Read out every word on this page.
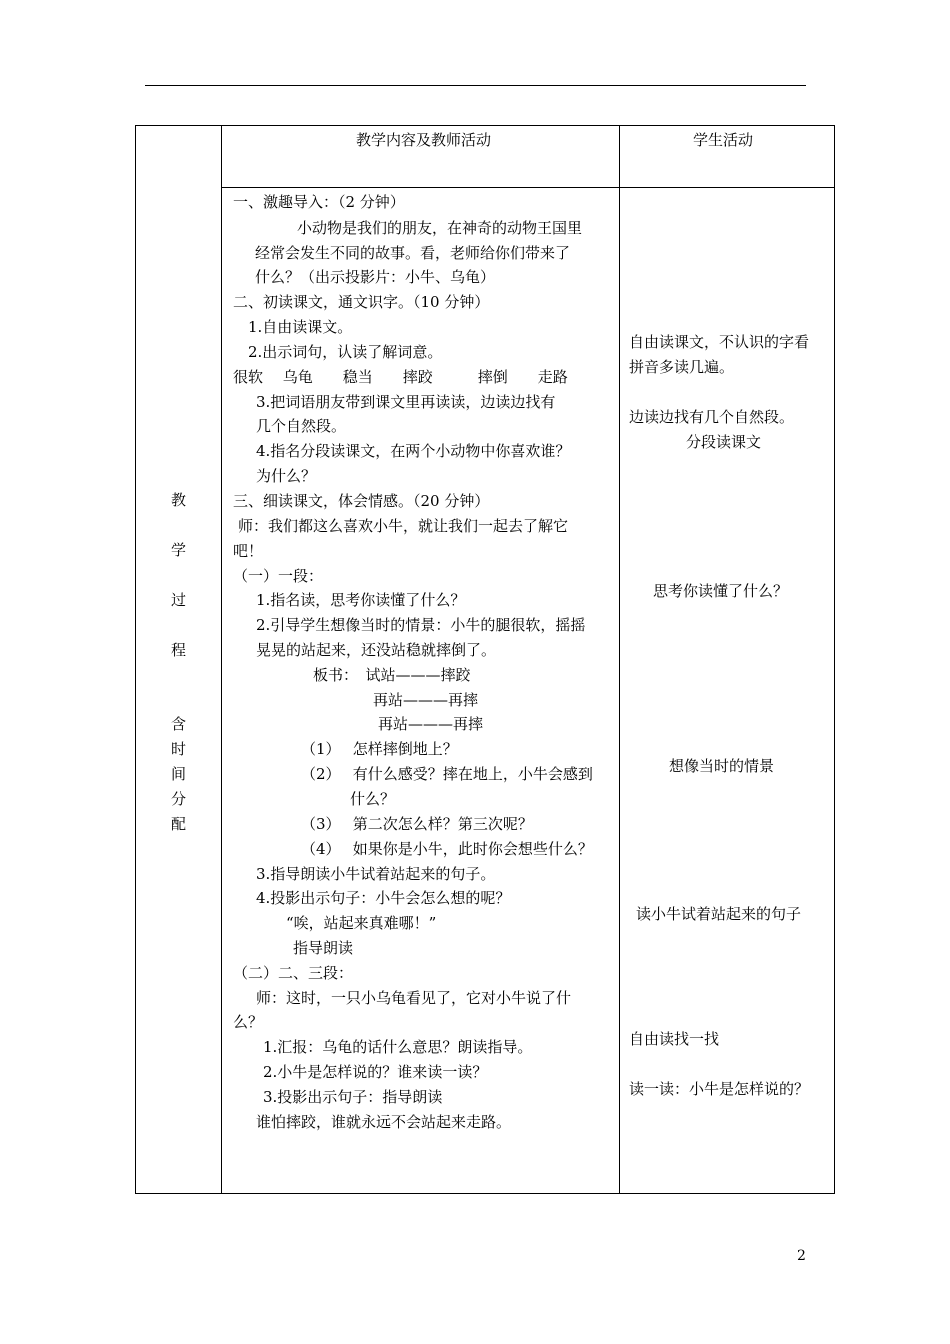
教学内容及教师活动	学生活动
教
学
过
程
含
时
间
分
配
一、激趣导入：（2 分钟）
小动物是我们的朋友，在神奇的动物王国里
经常会发生不同的故事。看，老师给你们带来了
什么？（出示投影片：小牛、乌龟）
二、初读课文，通文识字。（10 分钟）
1.自由读课文。
2.出示词句，认读了解词意。
很软　 乌龟　　稳当　　摔跤　　　摔倒　　走路
3.把词语朋友带到课文里再读读，边读边找有
几个自然段。
4.指名分段读课文，在两个小动物中你喜欢谁？
为什么？
三、细读课文，体会情感。（20 分钟）
师：我们都这么喜欢小牛，就让我们一起去了解它
吧！
（一）一段：
1.指名读，思考你读懂了什么？
2.引导学生想像当时的情景：小牛的腿很软，摇摇
晃晃的站起来，还没站稳就摔倒了。
板书：　试站———摔跤
再站———再摔
再站———再摔
（1）　 怎样摔倒地上？
（2）　 有什么感受？摔在地上，小牛会感到
什么？
（3）　 第二次怎么样？第三次呢？
（4）　 如果你是小牛，此时你会想些什么？
3.指导朗读小牛试着站起来的句子。
4.投影出示句子：小牛会怎么想的呢？
“唉，站起来真难哪！”
指导朗读
（二）二、三段：
师：这时，一只小乌龟看见了，它对小牛说了什
么？
1.汇报：乌龟的话什么意思？朗读指导。
2.小牛是怎样说的？谁来读一读？
3.投影出示句子：指导朗读
谁怕摔跤，谁就永远不会站起来走路。
自由读课文，不认识的字看
拼音多读几遍。
边读边找有几个自然段。
分段读课文
思考你读懂了什么？
想像当时的情景
读小牛试着站起来的句子
自由读找一找
读一读：小牛是怎样说的？
2
